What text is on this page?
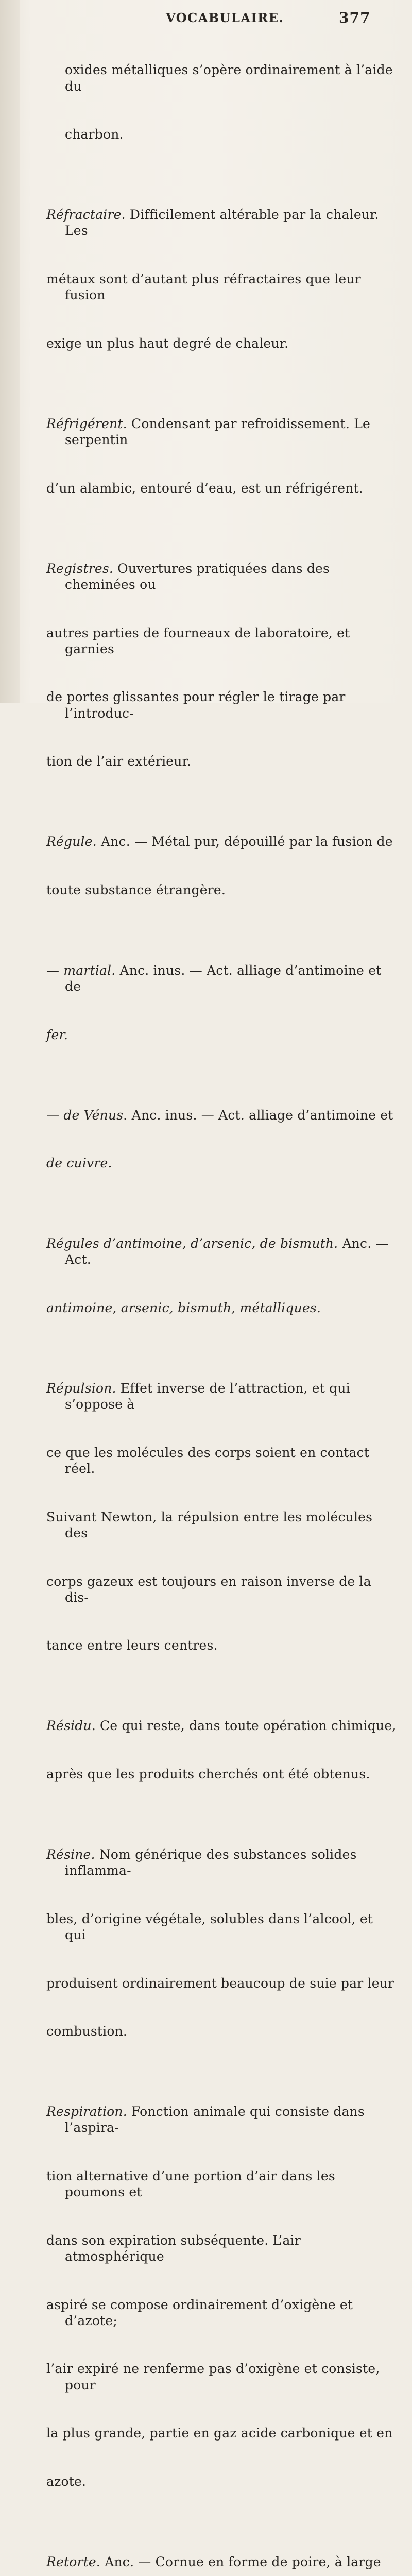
VOCABULAIRE.	377

oxides métalliques s’opère ordinairement à l’aide du

charbon.

Réfractaire. Difficilement altérable par la chaleur. Les

métaux sont d’autant plus réfractaires que leur fusion

exige un plus haut degré de chaleur.

Réfrigérent. Condensant par refroidissement. Le serpentin

d’un alambic, entouré d’eau, est un réfrigérent.

Registres. Ouvertures pratiquées dans des cheminées ou

autres parties de fourneaux de laboratoire, et garnies

de portes glissantes pour régler le tirage par l’introduc-

tion de l’air extérieur.

Régule. Anc. — Métal pur, dépouillé par la fusion de

toute substance étrangère.

— martial. Anc. inus. — Act. alliage d’antimoine et de

fer.

— de Vénus. Anc. inus. — Act. alliage d’antimoine et

de cuivre.

Régules d’antimoine, d’arsenic, de bismuth. Anc. — Act.

antimoine, arsenic, bismuth, métalliques.

Répulsion. Effet inverse de l’attraction, et qui s’oppose à

ce que les molécules des corps soient en contact réel.

Suivant Newton, la répulsion entre les molécules des

corps gazeux est toujours en raison inverse de la dis-

tance entre leurs centres.

Résidu. Ce qui reste, dans toute opération chimique,

après que les produits cherchés ont été obtenus.

Résine. Nom générique des substances solides inflamma-

bles, d’origine végétale, solubles dans l’alcool, et qui

produisent ordinairement beaucoup de suie par leur

combustion.

Respiration. Fonction animale qui consiste dans l’aspira-

tion alternative d’une portion d’air dans les poumons et

dans son expiration subséquente. L’air atmosphérique

aspiré se compose ordinairement d’oxigène et d’azote;

l’air expiré ne renferme pas d’oxigène et consiste, pour

la plus grande, partie en gaz acide carbonique et en

azote.

Retorte. Anc. — Cornue en forme de poire, à large
